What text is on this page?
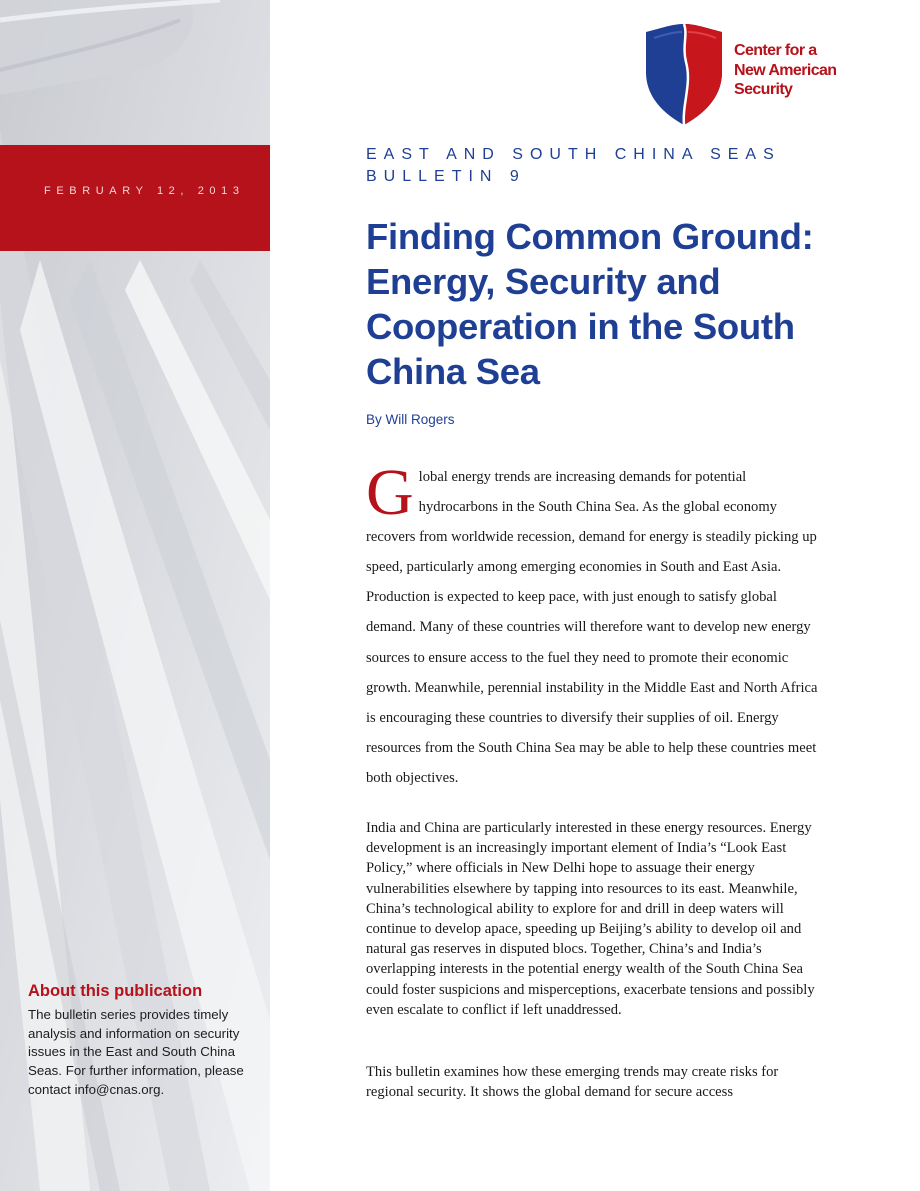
FEBRUARY 12, 2013

About this publication

The bulletin series provides timely analysis and information on security issues in the East and South China Seas. For further information, please contact info@cnas.org.

Center for a
New American
Security
EAST AND SOUTH CHINA SEAS
BULLETIN 9
Finding Common Ground: Energy, Security and Cooperation in the South China Sea
By Will Rogers

Global energy trends are increasing demands for potential hydrocarbons in the South China Sea. As the global economy recovers from worldwide recession, demand for energy is steadily picking up speed, particularly among emerging economies in South and East Asia. Production is expected to keep pace, with just enough to satisfy global demand. Many of these countries will therefore want to develop new energy sources to ensure access to the fuel they need to promote their economic growth. Meanwhile, perennial instability in the Middle East and North Africa is encouraging these countries to diversify their supplies of oil. Energy resources from the South China Sea may be able to help these countries meet both objectives.

India and China are particularly interested in these energy resources. Energy development is an increasingly important element of India’s “Look East Policy,” where officials in New Delhi hope to assuage their energy vulnerabilities elsewhere by tapping into resources to its east. Meanwhile, China’s technological ability to explore for and drill in deep waters will continue to develop apace, speeding up Beijing’s ability to develop oil and natural gas reserves in disputed blocs. Together, China’s and India’s overlapping interests in the potential energy wealth of the South China Sea could foster suspicions and misperceptions, exacerbate tensions and possibly even escalate to conflict if left unaddressed.

This bulletin examines how these emerging trends may create risks for regional security. It shows the global demand for secure access
